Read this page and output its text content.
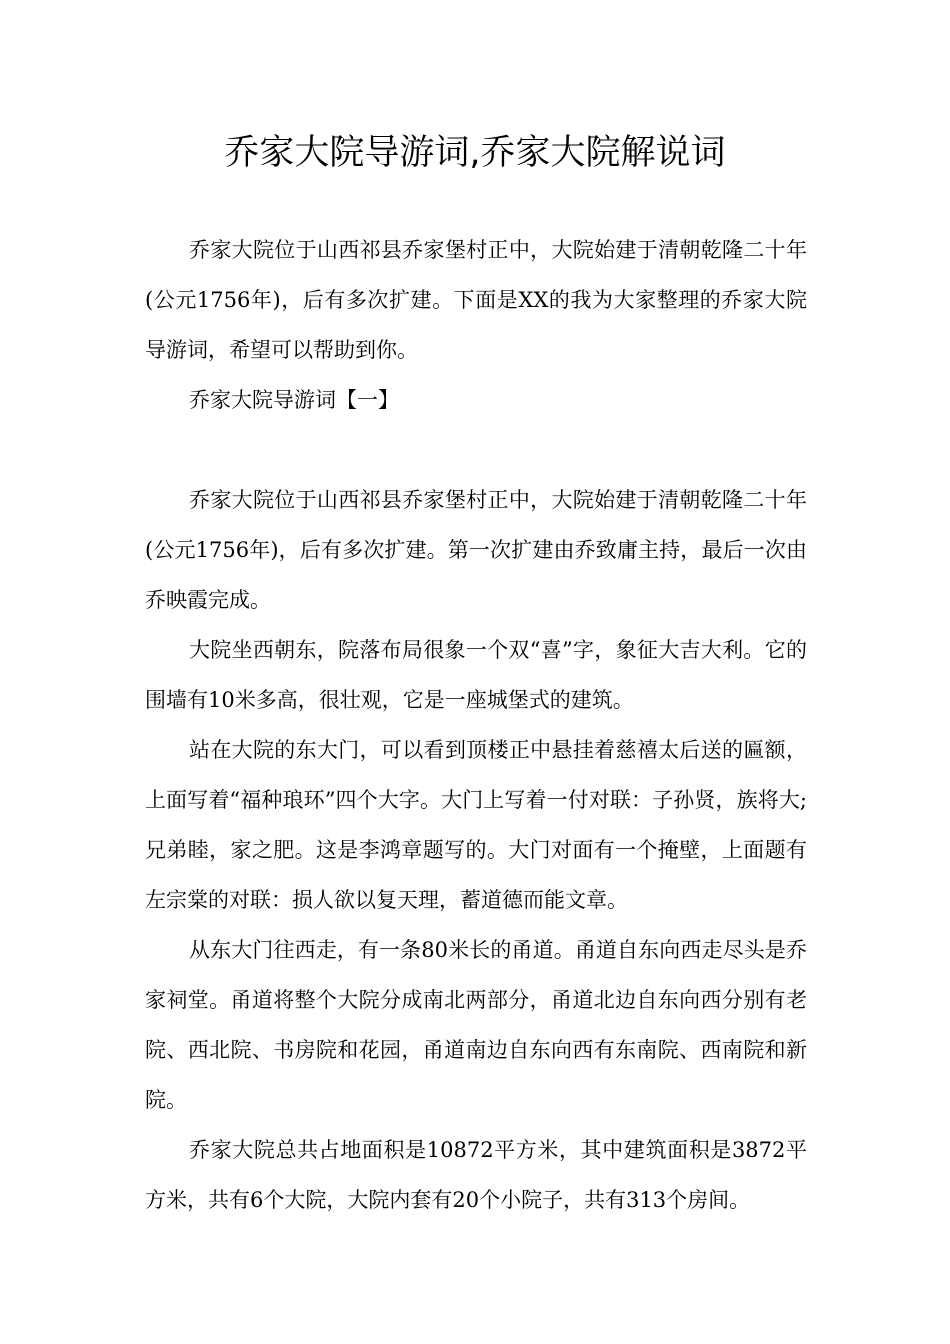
乔家大院导游词,乔家大院解说词

乔家大院位于山西祁县乔家堡村正中，大院始建于清朝乾隆二十年(公元1756年)，后有多次扩建。下面是XX的我为大家整理的乔家大院导游词，希望可以帮助到你。

乔家大院导游词【一】

乔家大院位于山西祁县乔家堡村正中，大院始建于清朝乾隆二十年(公元1756年)，后有多次扩建。第一次扩建由乔致庸主持，最后一次由乔映霞完成。

大院坐西朝东，院落布局很象一个双“喜”字，象征大吉大利。它的围墙有10米多高，很壮观，它是一座城堡式的建筑。

站在大院的东大门，可以看到顶楼正中悬挂着慈禧太后送的匾额，上面写着“福种琅环”四个大字。大门上写着一付对联：子孙贤，族将大;兄弟睦，家之肥。这是李鸿章题写的。大门对面有一个掩壁，上面题有左宗棠的对联：损人欲以复天理，蓄道德而能文章。

从东大门往西走，有一条80米长的甬道。甬道自东向西走尽头是乔家祠堂。甬道将整个大院分成南北两部分，甬道北边自东向西分别有老院、西北院、书房院和花园，甬道南边自东向西有东南院、西南院和新院。

乔家大院总共占地面积是10872平方米，其中建筑面积是3872平方米，共有6个大院，大院内套有20个小院子，共有313个房间。
